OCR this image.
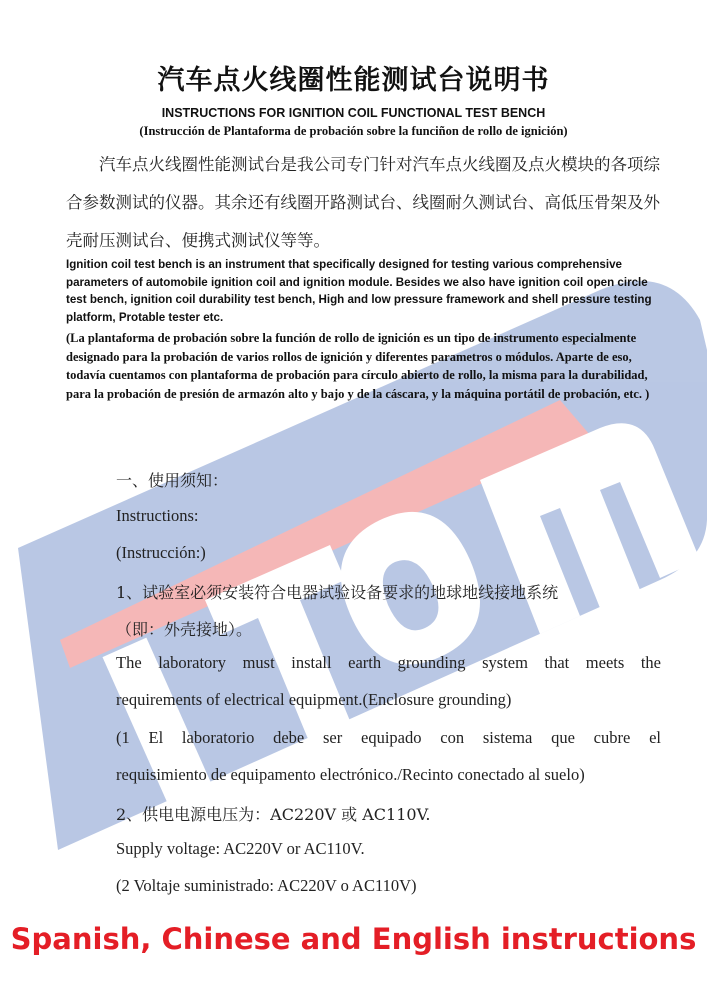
汽车点火线圈性能测试台说明书
INSTRUCTIONS FOR IGNITION COIL FUNCTIONAL TEST BENCH
(Instrucción de Plantaforma de probación sobre la funciñon de rollo de ignición)
汽车点火线圈性能测试台是我公司专门针对汽车点火线圈及点火模块的各项综合参数测试的仪器。其余还有线圈开路测试台、线圈耐久测试台、高低压骨架及外壳耐压测试台、便携式测试仪等等。
Ignition coil test bench is an instrument that specifically designed for testing various comprehensive parameters of automobile ignition coil and ignition module. Besides we also have ignition coil open circle test bench, ignition coil durability test bench, High and low pressure framework and shell pressure testing platform, Protable tester etc.
(La plantaforma de probación sobre la función de rollo de ignición es un tipo de instrumento especialmente designado para la probación de varios rollos de ignición y diferentes parametros o módulos. Aparte de eso, todavía cuentamos con plantaforma de probación para círculo abierto de rollo, la misma para la durabilidad, para la probación de presión de armazón alto y bajo y de la cáscara, y la máquina portátil de probación, etc. )
一、使用须知：
Instructions:
(Instrucción:)
1、试验室必须安装符合电器试验设备要求的地球地线接地系统
（即：外壳接地）。
The laboratory must install earth grounding system that meets the
requirements of electrical equipment.(Enclosure grounding)
(1 El laboratorio debe ser equipado con sistema que cubre el
requisimiento de equipamento electrónico./Recinto conectado al suelo)
2、供电电源电压为：AC220V 或 AC110V.
Supply voltage: AC220V or AC110V.
(2 Voltaje suministrado: AC220V o AC110V)
Spanish, Chinese and English instructions
